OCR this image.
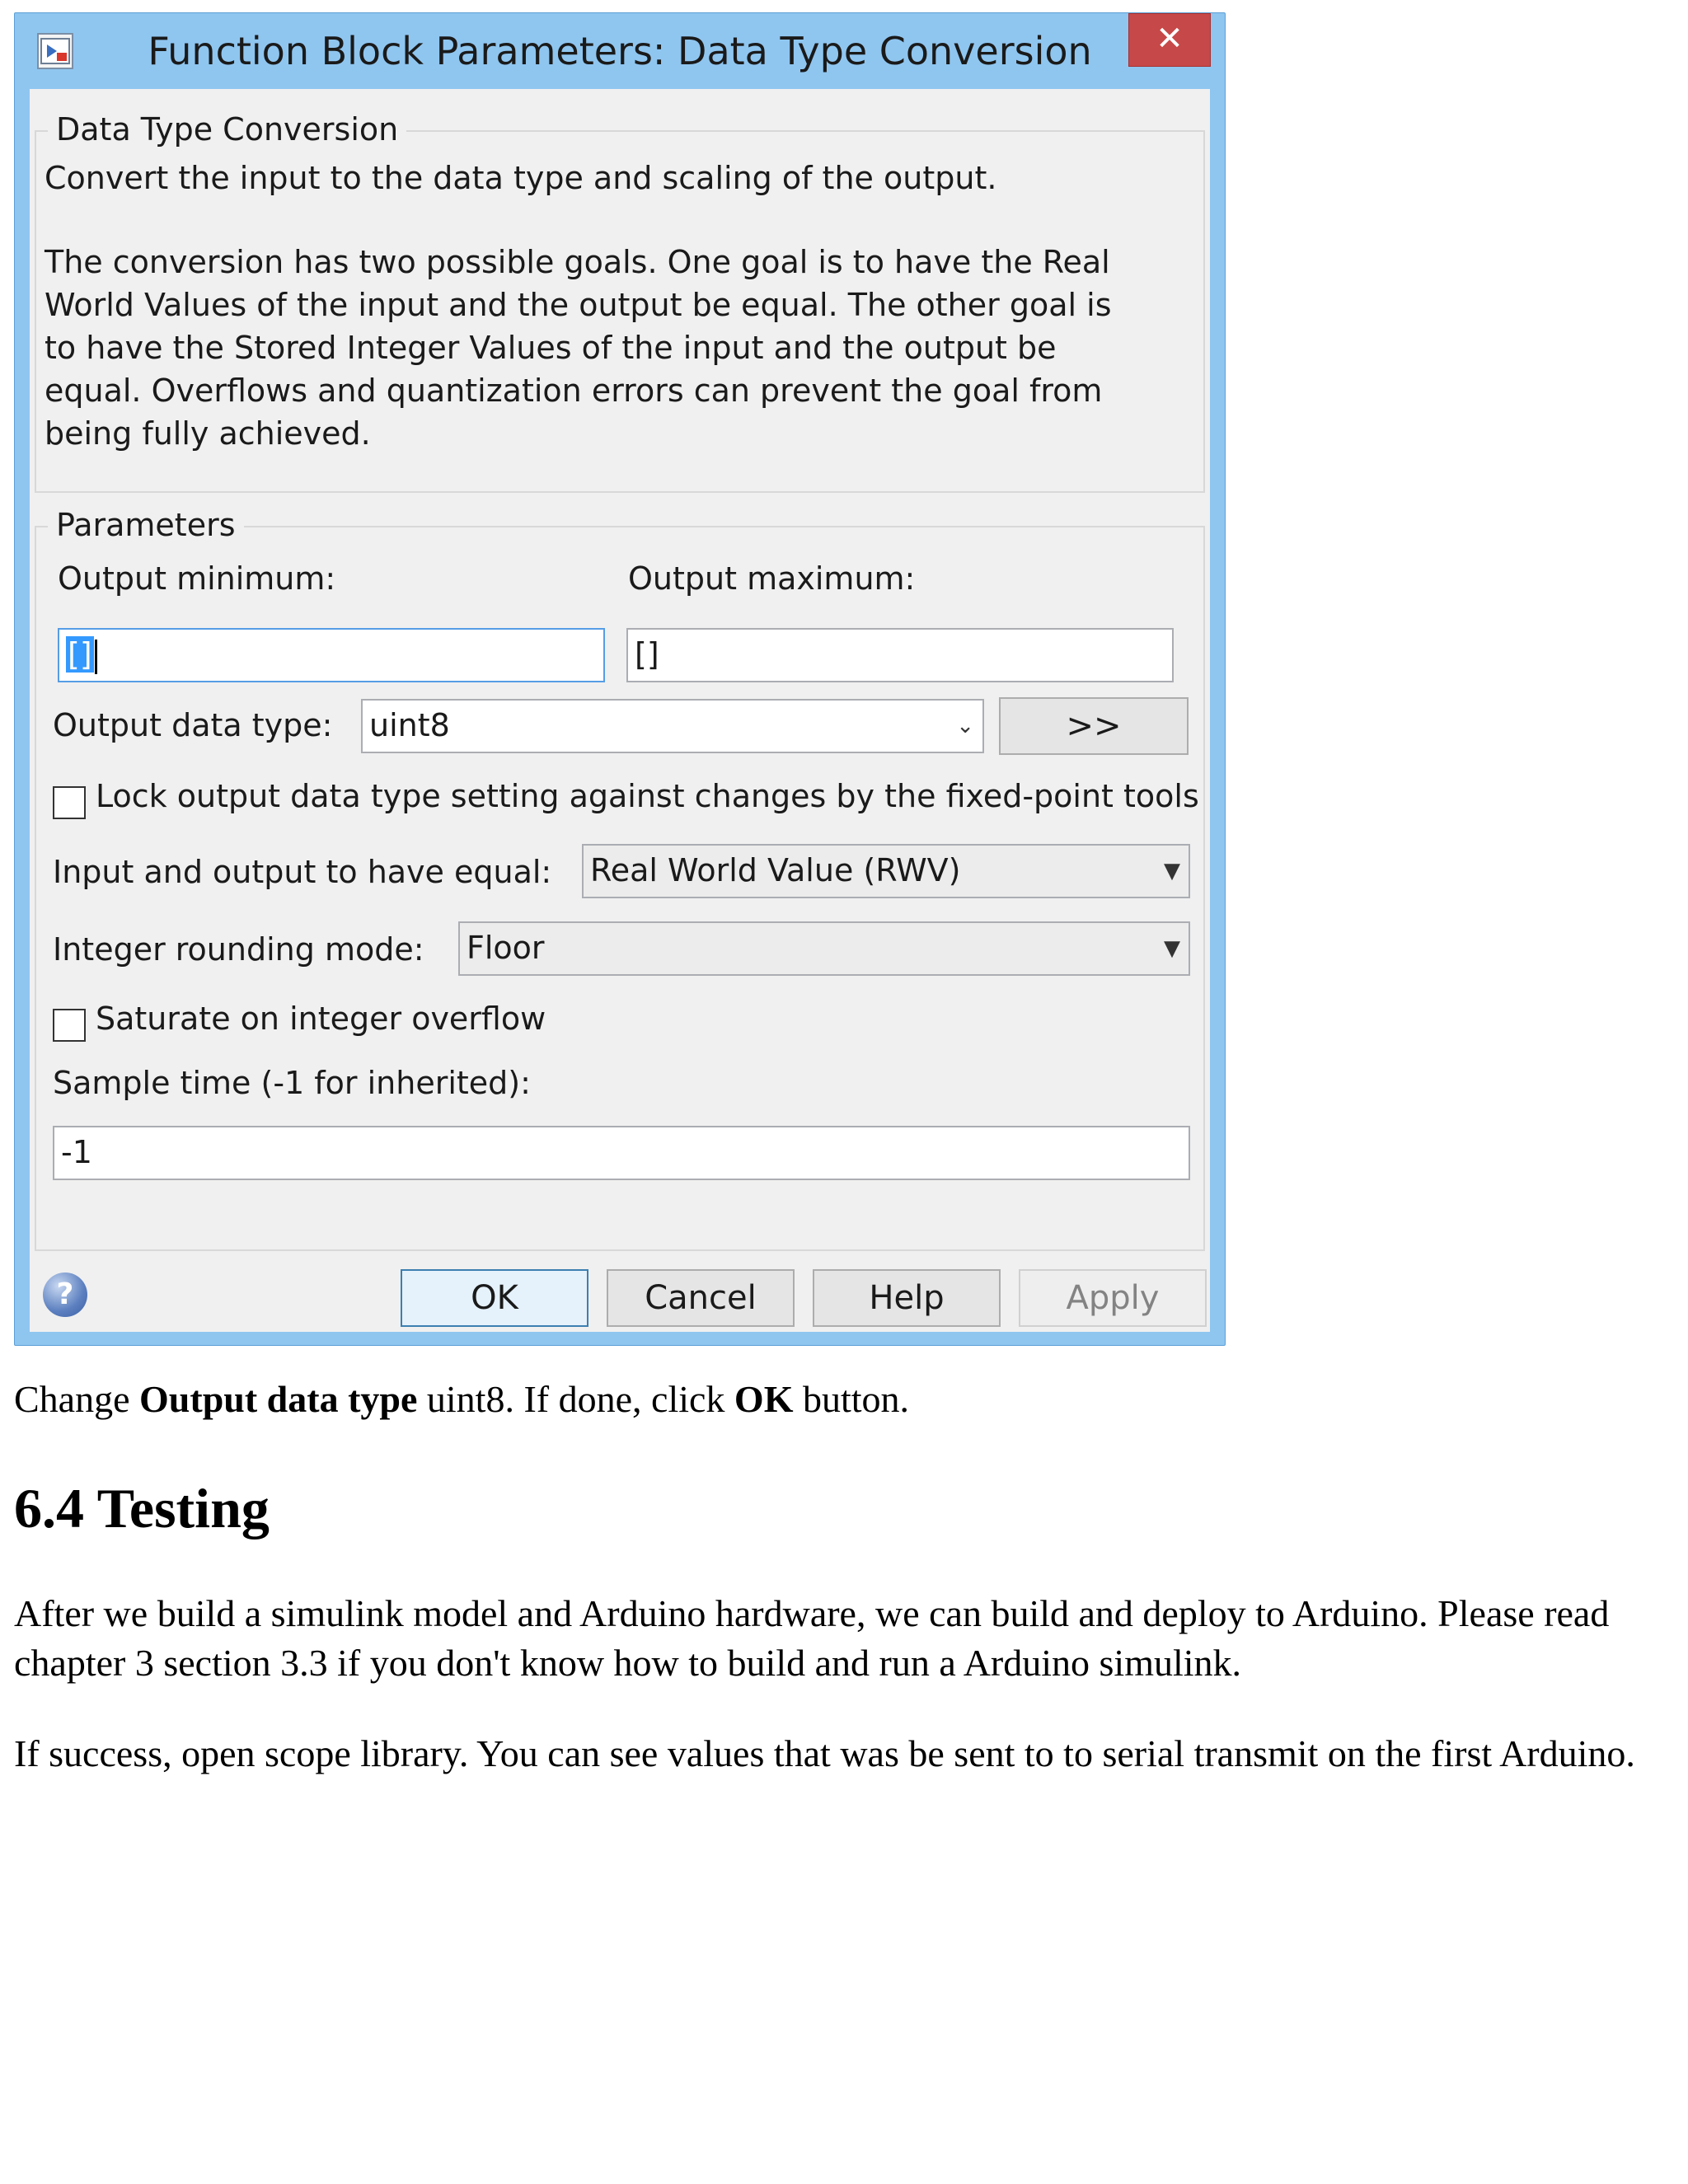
Function Block Parameters: Data Type Conversion	✕
Data Type Conversion
Convert the input to the data type and scaling of the output.
The conversion has two possible goals. One goal is to have the Real World Values of the input and the output be equal. The other goal is to have the Stored Integer Values of the input and the output be equal. Overflows and quantization errors can prevent the goal from being fully achieved.
Parameters
Output minimum:	Output maximum:
[]	[]
Output data type: uint8	⌄	>>
Lock output data type setting against changes by the fixed-point tools
Input and output to have equal: Real World Value (RWV)	▼
Integer rounding mode: Floor	▼
Saturate on integer overflow
Sample time (-1 for inherited):
-1
?	OK	Cancel	Help	Apply
Change Output data type uint8. If done, click OK button.
6.4 Testing
After we build a simulink model and Arduino hardware, we can build and deploy to Arduino. Please read chapter 3 section 3.3 if you don't know how to build and run a Arduino simulink.
If success, open scope library. You can see values that was be sent to to serial transmit on the first Arduino.
